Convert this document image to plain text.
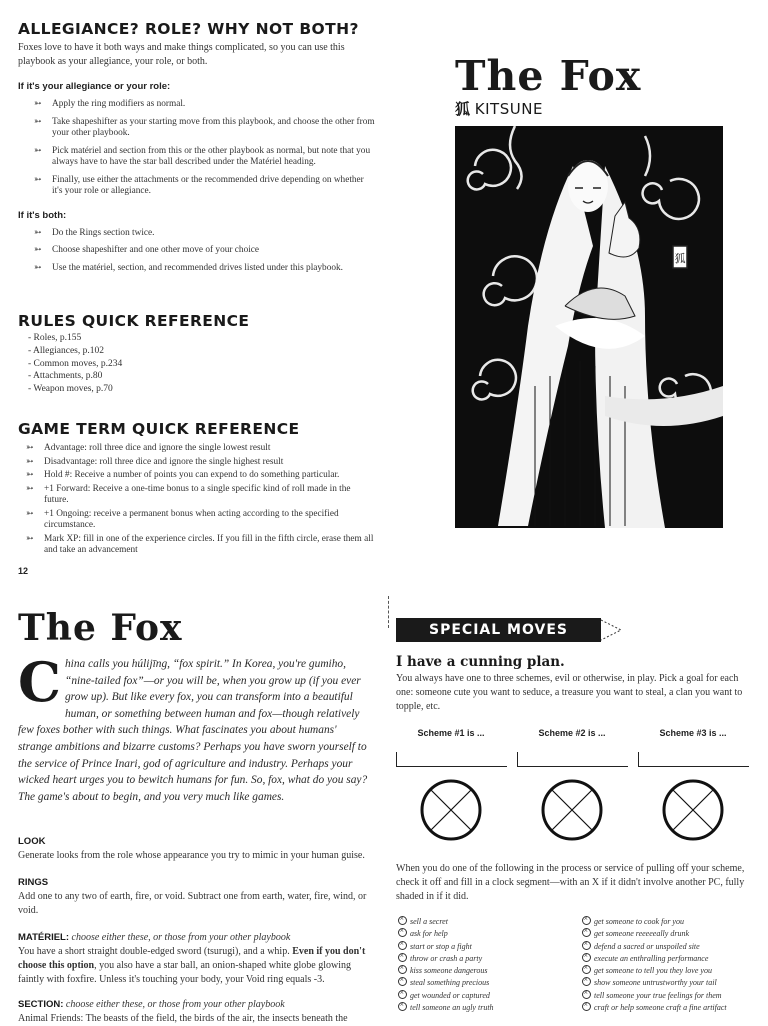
ALLEGIANCE? ROLE? WHY NOT BOTH?

Foxes love to have it both ways and make things complicated, so you can use this playbook as your allegiance, your role, or both.

If it's your allegiance or your role:
➳ Apply the ring modifiers as normal.
➳ Take shapeshifter as your starting move from this playbook, and choose the other from your other playbook.
➳ Pick matériel and section from this or the other playbook as normal, but note that you always have to have the star ball described under the Matériel heading.
➳ Finally, use either the attachments or the recommended drive depending on whether it's your role or allegiance.
If it's both:
➳ Do the Rings section twice.
➳ Choose shapeshifter and one other move of your choice
➳ Use the matériel, section, and recommended drives listed under this playbook.
RULES QUICK REFERENCE
- Roles, p.155
- Allegiances, p.102
- Common moves, p.234
- Attachments, p.80
- Weapon moves, p.70
GAME TERM QUICK REFERENCE
➳ Advantage: roll three dice and ignore the single lowest result
➳ Disadvantage: roll three dice and ignore the single highest result
➳ Hold #: Receive a number of points you can expend to do something particular.
➳ +1 Forward: Receive a one-time bonus to a single specific kind of roll made in the future.
➳ +1 Ongoing: receive a permanent bonus when acting according to the specified circumstance.
➳ Mark XP: fill in one of the experience circles. If you fill in the fifth circle, erase them all and take an advancement
12
The Fox
狐 KITSUNE
狐
The Fox
C hina calls you húlijīng, “fox spirit.” In Korea, you're gumiho, “nine-tailed fox”—or you will be, when you grow up (if you ever grow up). But like every fox, you can transform into a beautiful human, or something between human and fox—though relatively few foxes bother with such things. What fascinates you about humans' strange ambitions and bizarre customs? Perhaps you have sworn yourself to the service of Prince Inari, god of agriculture and industry. Perhaps your wicked heart urges you to bewitch humans for fun. So, fox, what do you say? The game's about to begin, and you very much like games.

LOOK

Generate looks from the role whose appearance you try to mimic in your human guise.

RINGS

Add one to any two of earth, fire, or void. Subtract one from earth, water, fire, wind, or void.

MATÉRIEL: choose either these, or those from your other playbook
You have a short straight double-edged sword (tsurugi), and a whip. Even if you don't choose this option, you also have a star ball, an onion-shaped white globe glowing faintly with foxfire. Unless it's touching your body, your Void ring equals -3.

SECTION: choose either these, or those from your other playbook
Animal Friends: The beasts of the field, the birds of the air, the insects beneath the

SPECIAL MOVES
I have a cunning plan.

You always have one to three schemes, evil or otherwise, in play. Pick a goal for each one: someone cute you want to seduce, a treasure you want to steal, a clan you want to topple, etc.

Scheme #1 is ...	Scheme #2 is ...	Scheme #3 is ...

When you do one of the following in the process or service of pulling off your scheme, check it off and fill in a clock segment—with an X if it didn't involve another PC, fully shaded in if it did.

×sell a secret
×ask for help
×start or stop a fight
×throw or crash a party
×kiss someone dangerous
×steal something precious
×get wounded or captured
×tell someone an ugly truth
×get someone to cook for you
×get someone reeeeeally drunk
×defend a sacred or unspoiled site
×execute an enthralling performance
×get someone to tell you they love you
×show someone untrustworthy your tail
×tell someone your true feelings for them
×craft or help someone craft a fine artifact
